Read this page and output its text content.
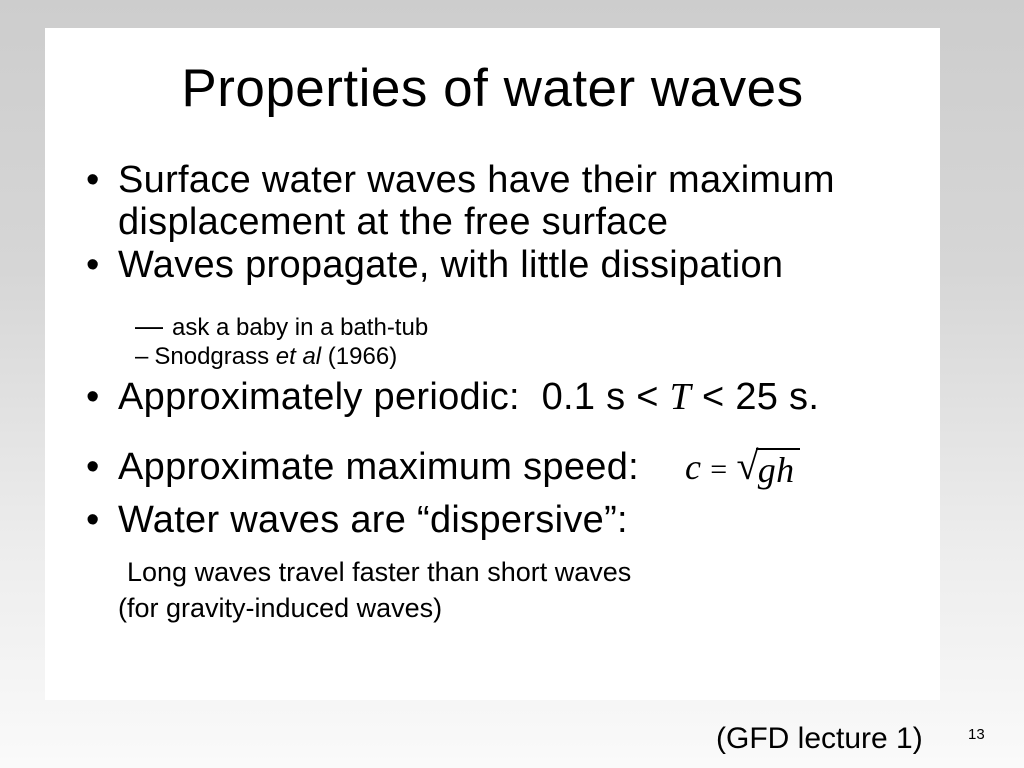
Properties of water waves
• Surface water waves have their maximum
displacement at the free surface
• Waves propagate, with little dissipation
— ask a baby in a bath-tub
– Snodgrass et al (1966)
• Approximately periodic:  0.1 s < T < 25 s.
• Approximate maximum speed: c = √ gh
• Water waves are “dispersive”:
Long waves travel faster than short waves
(for gravity-induced waves)
(GFD lecture 1)	13
